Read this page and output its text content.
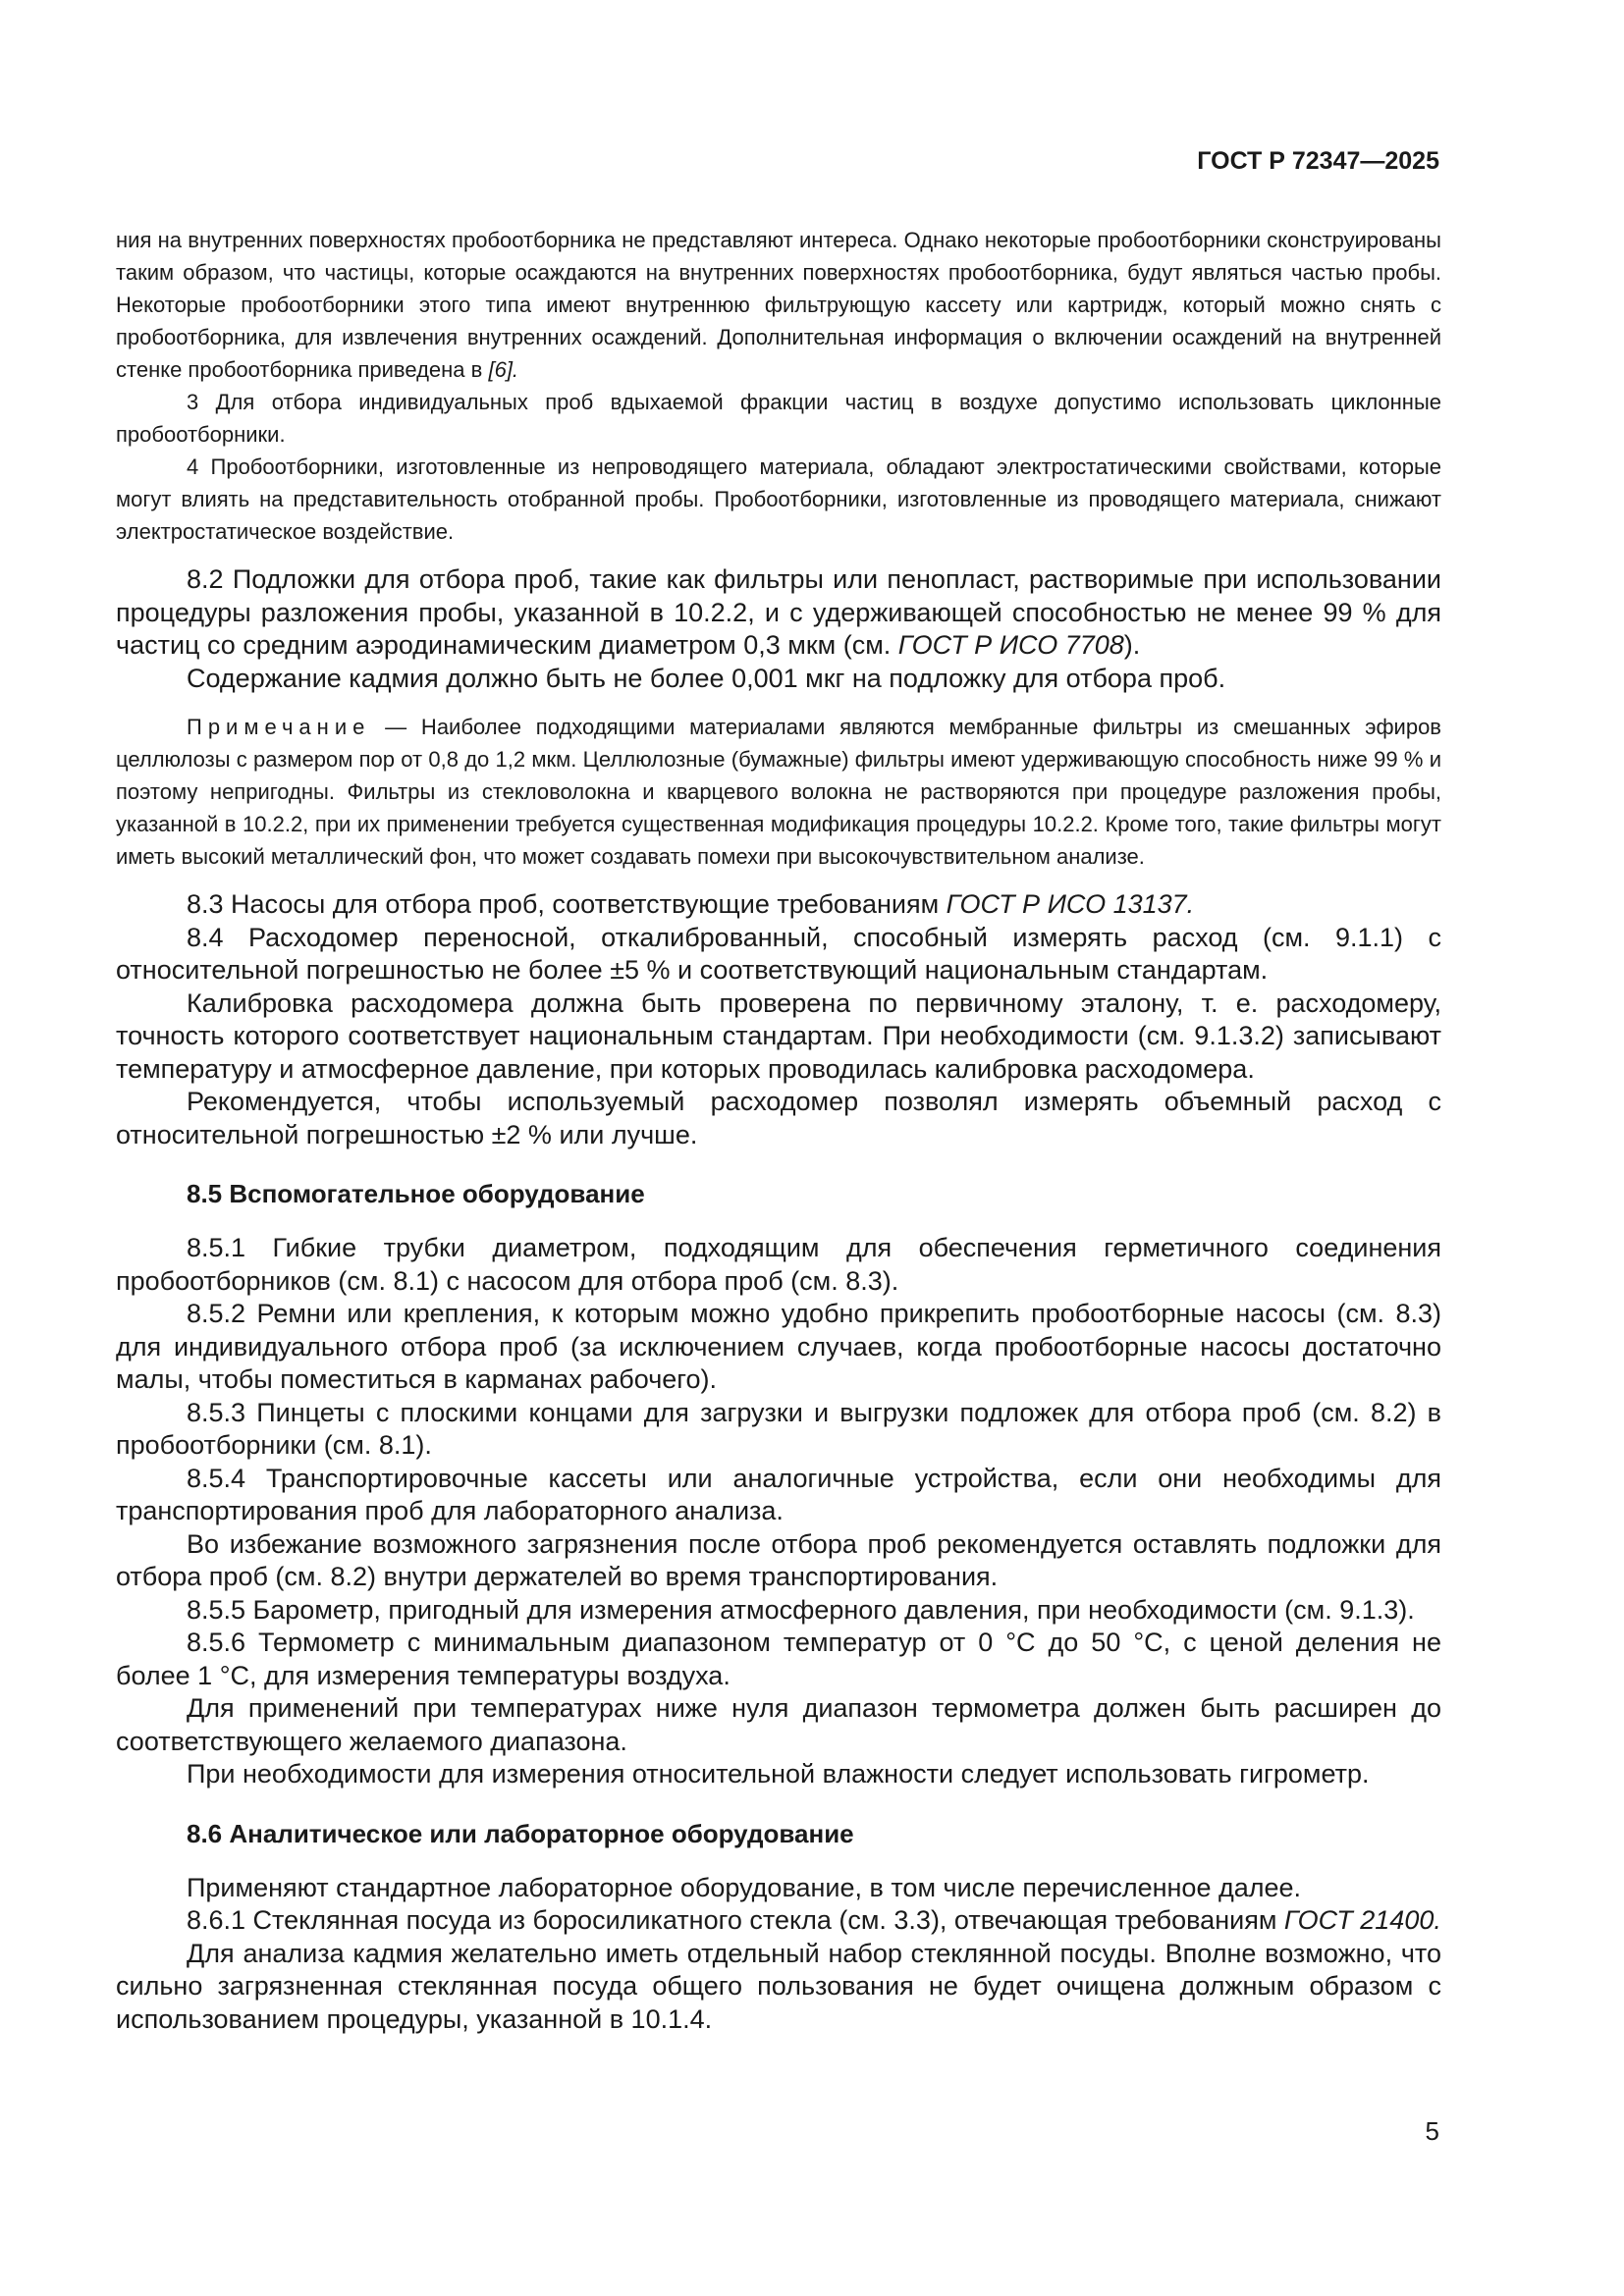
ГОСТ Р 72347—2025

ния на внутренних поверхностях пробоотборника не представляют интереса. Однако некоторые пробоотборники сконструированы таким образом, что частицы, которые осаждаются на внутренних поверхностях пробоотборника, будут являться частью пробы. Некоторые пробоотборники этого типа имеют внутреннюю фильтрующую кассету или картридж, который можно снять с пробоотборника, для извлечения внутренних осаждений. Дополнительная информация о включении осаждений на внутренней стенке пробоотборника приведена в [6].

3 Для отбора индивидуальных проб вдыхаемой фракции частиц в воздухе допустимо использовать циклонные пробоотборники.

4 Пробоотборники, изготовленные из непроводящего материала, обладают электростатическими свойствами, которые могут влиять на представительность отобранной пробы. Пробоотборники, изготовленные из проводящего материала, снижают электростатическое воздействие.

8.2 Подложки для отбора проб, такие как фильтры или пенопласт, растворимые при использовании процедуры разложения пробы, указанной в 10.2.2, и с удерживающей способностью не менее 99 % для частиц со средним аэродинамическим диаметром 0,3 мкм (см. ГОСТ Р ИСО 7708).

Содержание кадмия должно быть не более 0,001 мкг на подложку для отбора проб.

Примечание — Наиболее подходящими материалами являются мембранные фильтры из смешанных эфиров целлюлозы с размером пор от 0,8 до 1,2 мкм. Целлюлозные (бумажные) фильтры имеют удерживающую способность ниже 99 % и поэтому непригодны. Фильтры из стекловолокна и кварцевого волокна не растворяются при процедуре разложения пробы, указанной в 10.2.2, при их применении требуется существенная модификация процедуры 10.2.2. Кроме того, такие фильтры могут иметь высокий металлический фон, что может создавать помехи при высокочувствительном анализе.

8.3 Насосы для отбора проб, соответствующие требованиям ГОСТ Р ИСО 13137.

8.4 Расходомер переносной, откалиброванный, способный измерять расход (см. 9.1.1) с относительной погрешностью не более ±5 % и соответствующий национальным стандартам.

Калибровка расходомера должна быть проверена по первичному эталону, т. е. расходомеру, точность которого соответствует национальным стандартам. При необходимости (см. 9.1.3.2) записывают температуру и атмосферное давление, при которых проводилась калибровка расходомера.

Рекомендуется, чтобы используемый расходомер позволял измерять объемный расход с относительной погрешностью ±2 % или лучше.

8.5 Вспомогательное оборудование

8.5.1 Гибкие трубки диаметром, подходящим для обеспечения герметичного соединения пробоотборников (см. 8.1) с насосом для отбора проб (см. 8.3).

8.5.2 Ремни или крепления, к которым можно удобно прикрепить пробоотборные насосы (см. 8.3) для индивидуального отбора проб (за исключением случаев, когда пробоотборные насосы достаточно малы, чтобы поместиться в карманах рабочего).

8.5.3 Пинцеты с плоскими концами для загрузки и выгрузки подложек для отбора проб (см. 8.2) в пробоотборники (см. 8.1).

8.5.4 Транспортировочные кассеты или аналогичные устройства, если они необходимы для транспортирования проб для лабораторного анализа.

Во избежание возможного загрязнения после отбора проб рекомендуется оставлять подложки для отбора проб (см. 8.2) внутри держателей во время транспортирования.

8.5.5 Барометр, пригодный для измерения атмосферного давления, при необходимости (см. 9.1.3).

8.5.6 Термометр с минимальным диапазоном температур от 0 °С до 50 °С, с ценой деления не более 1 °С, для измерения температуры воздуха.

Для применений при температурах ниже нуля диапазон термометра должен быть расширен до соответствующего желаемого диапазона.

При необходимости для измерения относительной влажности следует использовать гигрометр.

8.6 Аналитическое или лабораторное оборудование

Применяют стандартное лабораторное оборудование, в том числе перечисленное далее.

8.6.1 Стеклянная посуда из боросиликатного стекла (см. 3.3), отвечающая требованиям ГОСТ 21400.

Для анализа кадмия желательно иметь отдельный набор стеклянной посуды. Вполне возможно, что сильно загрязненная стеклянная посуда общего пользования не будет очищена должным образом с использованием процедуры, указанной в 10.1.4.

5
